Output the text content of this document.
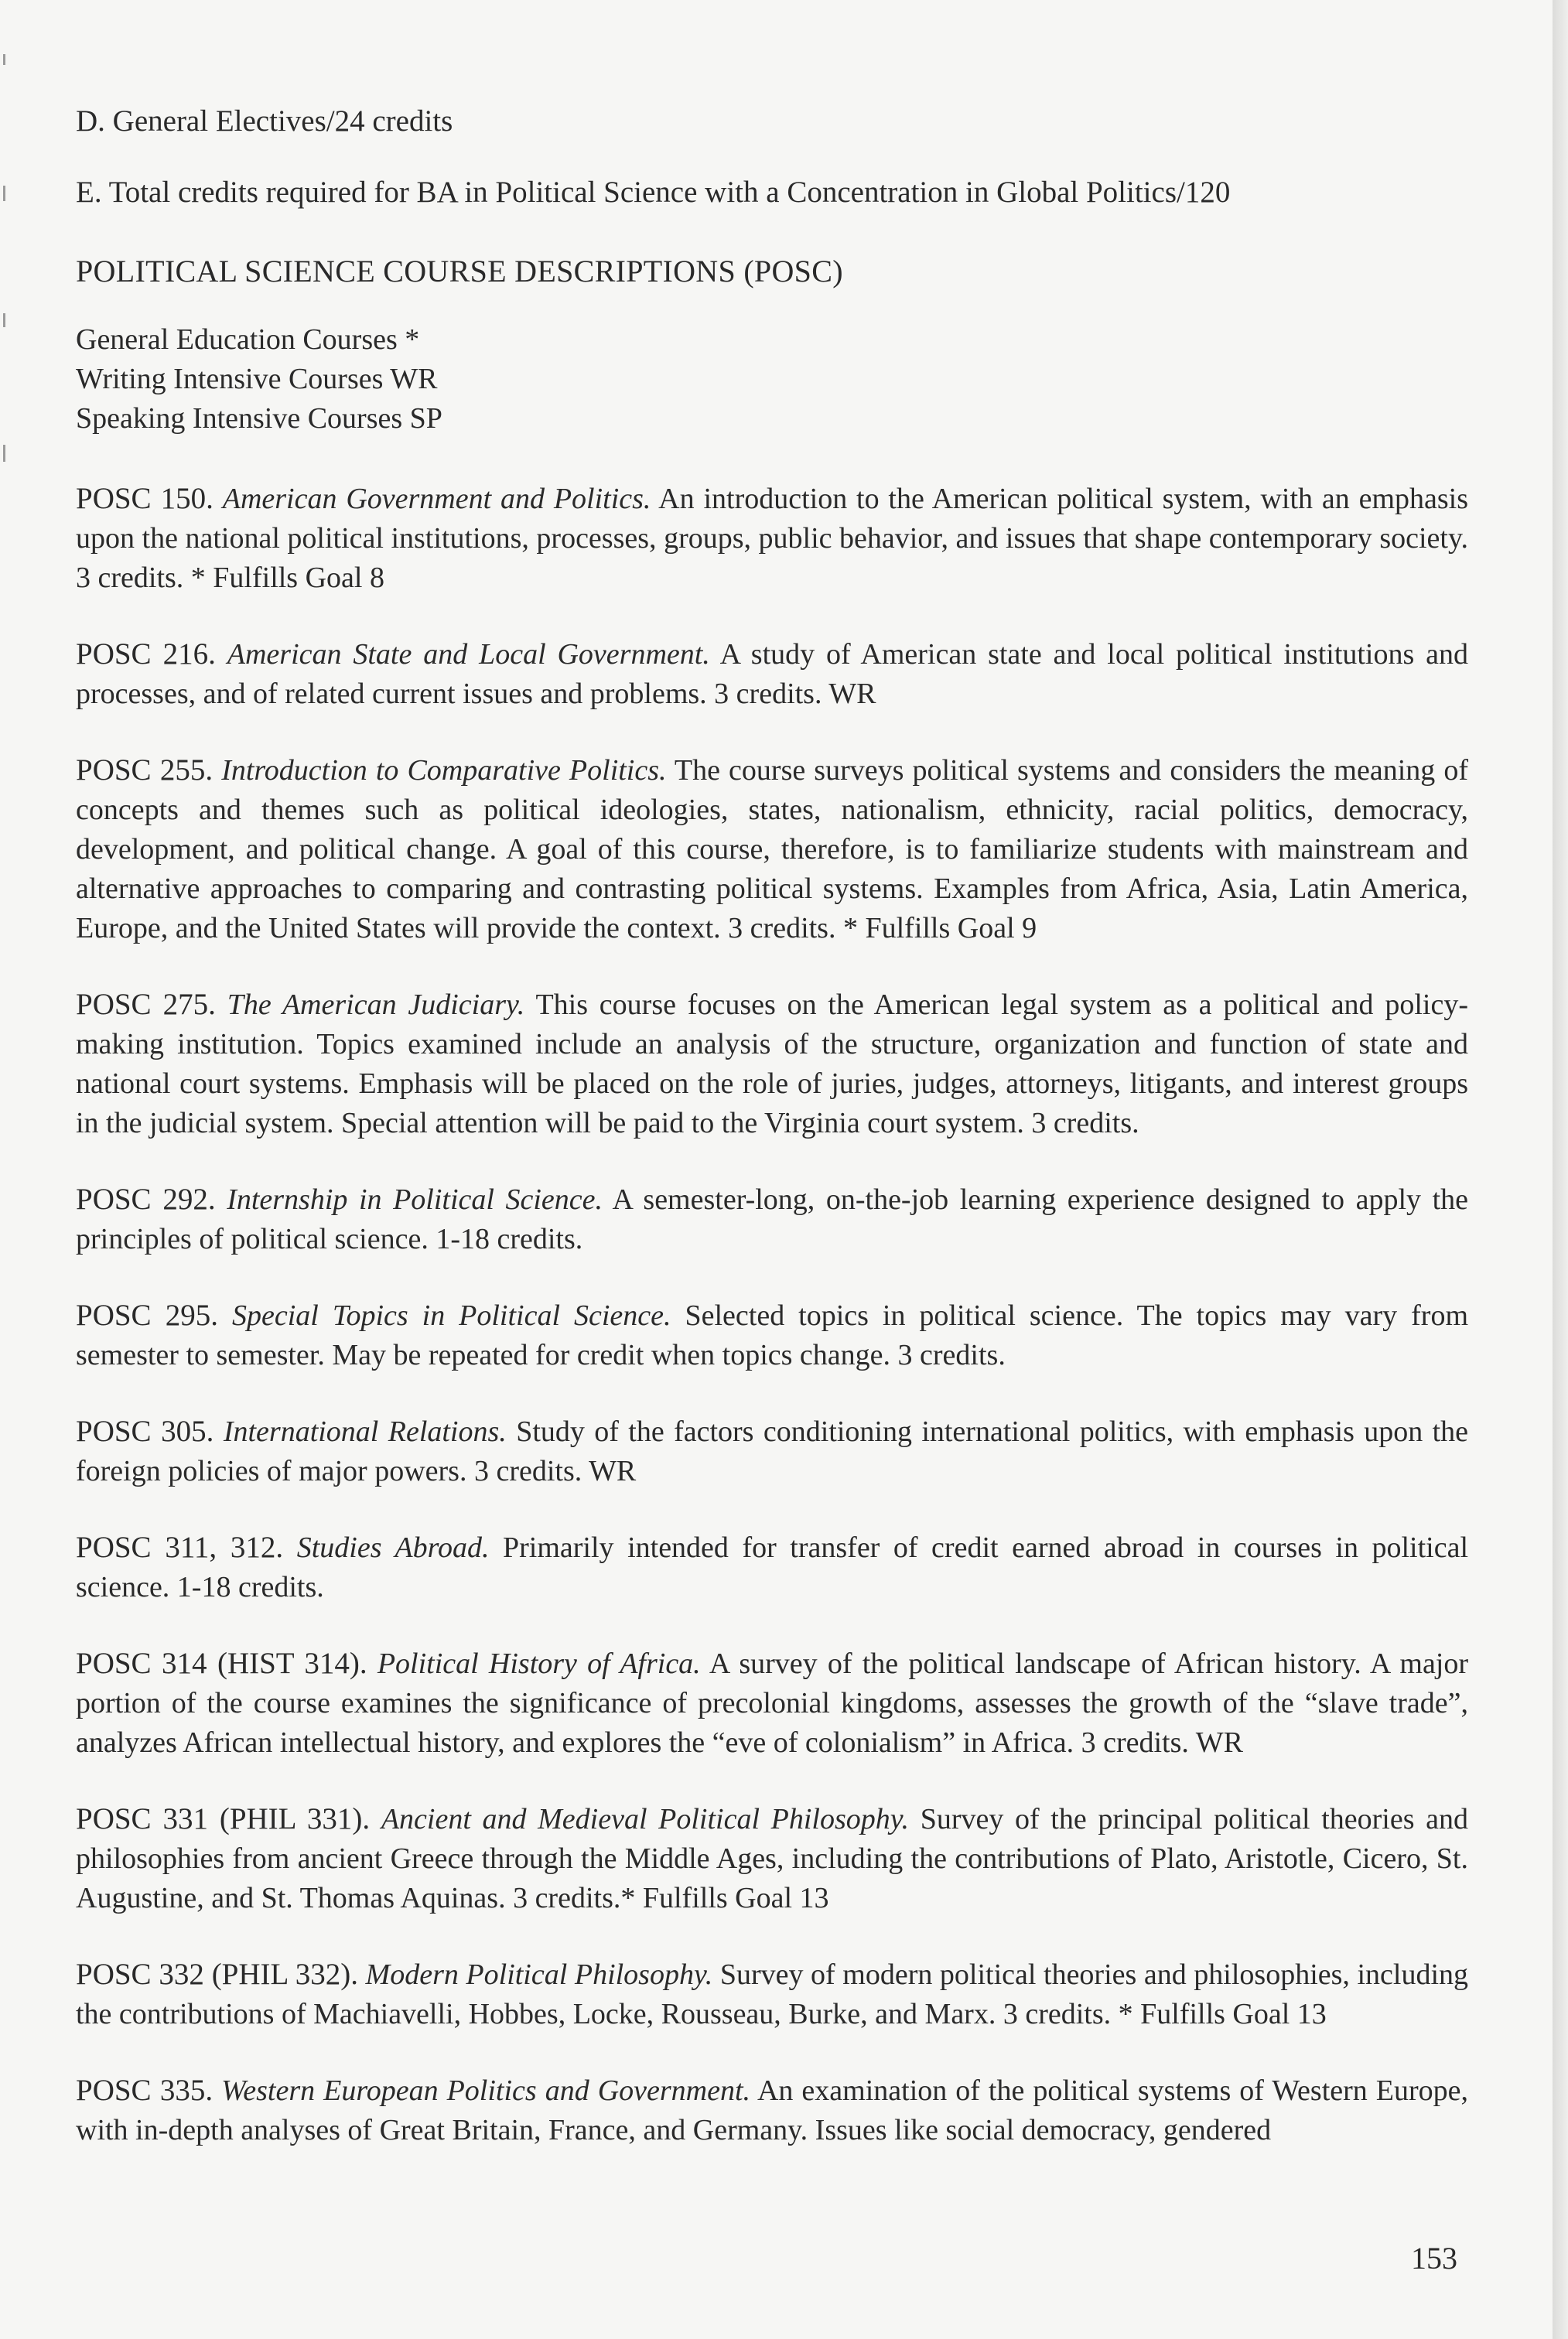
D. General Electives/24 credits

E. Total credits required for BA in Political Science with a Concentration in Global Politics/120

POLITICAL SCIENCE COURSE DESCRIPTIONS (POSC)

General Education Courses *
Writing Intensive Courses WR
Speaking Intensive Courses SP

POSC 150. American Government and Politics. An introduction to the American political system, with an emphasis upon the national political institutions, processes, groups, public behavior, and issues that shape contemporary society. 3 credits. * Fulfills Goal 8

POSC 216. American State and Local Government. A study of American state and local political institutions and processes, and of related current issues and problems. 3 credits. WR

POSC 255. Introduction to Comparative Politics. The course surveys political systems and considers the meaning of concepts and themes such as political ideologies, states, nationalism, ethnicity, racial politics, democracy, development, and political change. A goal of this course, therefore, is to familiarize students with mainstream and alternative approaches to comparing and contrasting political systems. Examples from Africa, Asia, Latin America, Europe, and the United States will provide the context. 3 credits. * Fulfills Goal 9

POSC 275. The American Judiciary. This course focuses on the American legal system as a political and policy-making institution. Topics examined include an analysis of the structure, organization and function of state and national court systems. Emphasis will be placed on the role of juries, judges, attorneys, litigants, and interest groups in the judicial system. Special attention will be paid to the Virginia court system. 3 credits.

POSC 292. Internship in Political Science. A semester-long, on-the-job learning experience designed to apply the principles of political science. 1-18 credits.

POSC 295. Special Topics in Political Science. Selected topics in political science. The topics may vary from semester to semester. May be repeated for credit when topics change. 3 credits.

POSC 305. International Relations. Study of the factors conditioning international politics, with emphasis upon the foreign policies of major powers. 3 credits. WR

POSC 311, 312. Studies Abroad. Primarily intended for transfer of credit earned abroad in courses in political science. 1-18 credits.

POSC 314 (HIST 314). Political History of Africa. A survey of the political landscape of African history. A major portion of the course examines the significance of precolonial kingdoms, assesses the growth of the “slave trade”, analyzes African intellectual history, and explores the “eve of colonialism” in Africa. 3 credits. WR

POSC 331 (PHIL 331). Ancient and Medieval Political Philosophy. Survey of the principal political theories and philosophies from ancient Greece through the Middle Ages, including the contributions of Plato, Aristotle, Cicero, St. Augustine, and St. Thomas Aquinas. 3 credits.* Fulfills Goal 13

POSC 332 (PHIL 332). Modern Political Philosophy. Survey of modern political theories and philosophies, including the contributions of Machiavelli, Hobbes, Locke, Rousseau, Burke, and Marx. 3 credits. * Fulfills Goal 13

POSC 335. Western European Politics and Government. An examination of the political systems of Western Europe, with in-depth analyses of Great Britain, France, and Germany. Issues like social democracy, gendered

153
